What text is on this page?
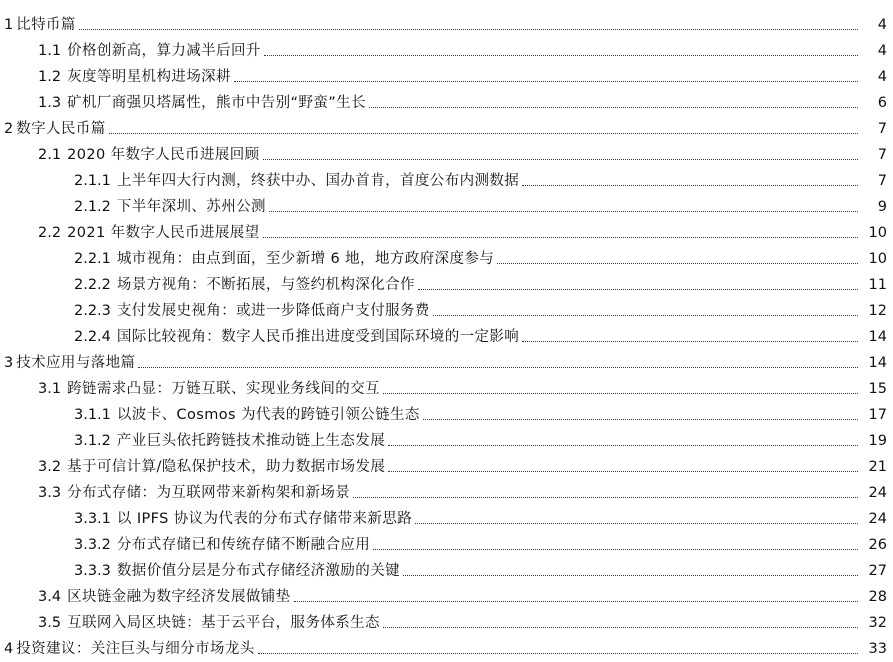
1 比特币篇	4
1.1 价格创新高，算力减半后回升	4
1.2 灰度等明星机构进场深耕	4
1.3 矿机厂商强贝塔属性，熊市中告别“野蛮”生长	6
2 数字人民币篇	7
2.1 2020 年数字人民币进展回顾	7
2.1.1 上半年四大行内测，终获中办、国办首肯，首度公布内测数据	7
2.1.2 下半年深圳、苏州公测	9
2.2 2021 年数字人民币进展展望	10
2.2.1 城市视角：由点到面，至少新增 6 地，地方政府深度参与	10
2.2.2 场景方视角：不断拓展，与签约机构深化合作	11
2.2.3 支付发展史视角：或进一步降低商户支付服务费	12
2.2.4 国际比较视角：数字人民币推出进度受到国际环境的一定影响	14
3 技术应用与落地篇	14
3.1 跨链需求凸显：万链互联、实现业务线间的交互	15
3.1.1 以波卡、Cosmos 为代表的跨链引领公链生态	17
3.1.2 产业巨头依托跨链技术推动链上生态发展	19
3.2 基于可信计算/隐私保护技术，助力数据市场发展	21
3.3 分布式存储：为互联网带来新构架和新场景	24
3.3.1 以 IPFS 协议为代表的分布式存储带来新思路	24
3.3.2 分布式存储已和传统存储不断融合应用	26
3.3.3 数据价值分层是分布式存储经济激励的关键	27
3.4 区块链金融为数字经济发展做铺垫	28
3.5 互联网入局区块链：基于云平台，服务体系生态	32
4 投资建议：关注巨头与细分市场龙头	33
